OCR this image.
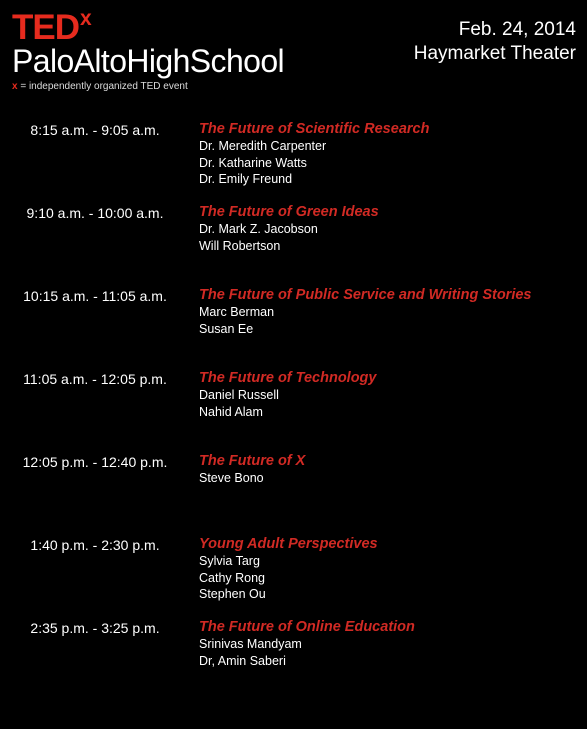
TED x
PaloAltoHighSchool
x = independently organized TED event
Feb. 24, 2014
Haymarket Theater
8:15 a.m. - 9:05 a.m.	The Future of Scientific Research
Dr. Meredith Carpenter
Dr. Katharine Watts
Dr. Emily Freund
9:10 a.m. - 10:00 a.m.	The Future of Green Ideas
Dr. Mark Z. Jacobson
Will Robertson
10:15 a.m. - 11:05 a.m.	The Future of Public Service and Writing Stories
Marc Berman
Susan Ee
11:05 a.m. - 12:05 p.m.	The Future of Technology
Daniel Russell
Nahid Alam
12:05 p.m. - 12:40 p.m.	The Future of X
Steve Bono
1:40 p.m. - 2:30 p.m.	Young Adult Perspectives
Sylvia Targ
Cathy Rong
Stephen Ou
2:35 p.m. - 3:25 p.m.	The Future of Online Education
Srinivas Mandyam
Dr, Amin Saberi
